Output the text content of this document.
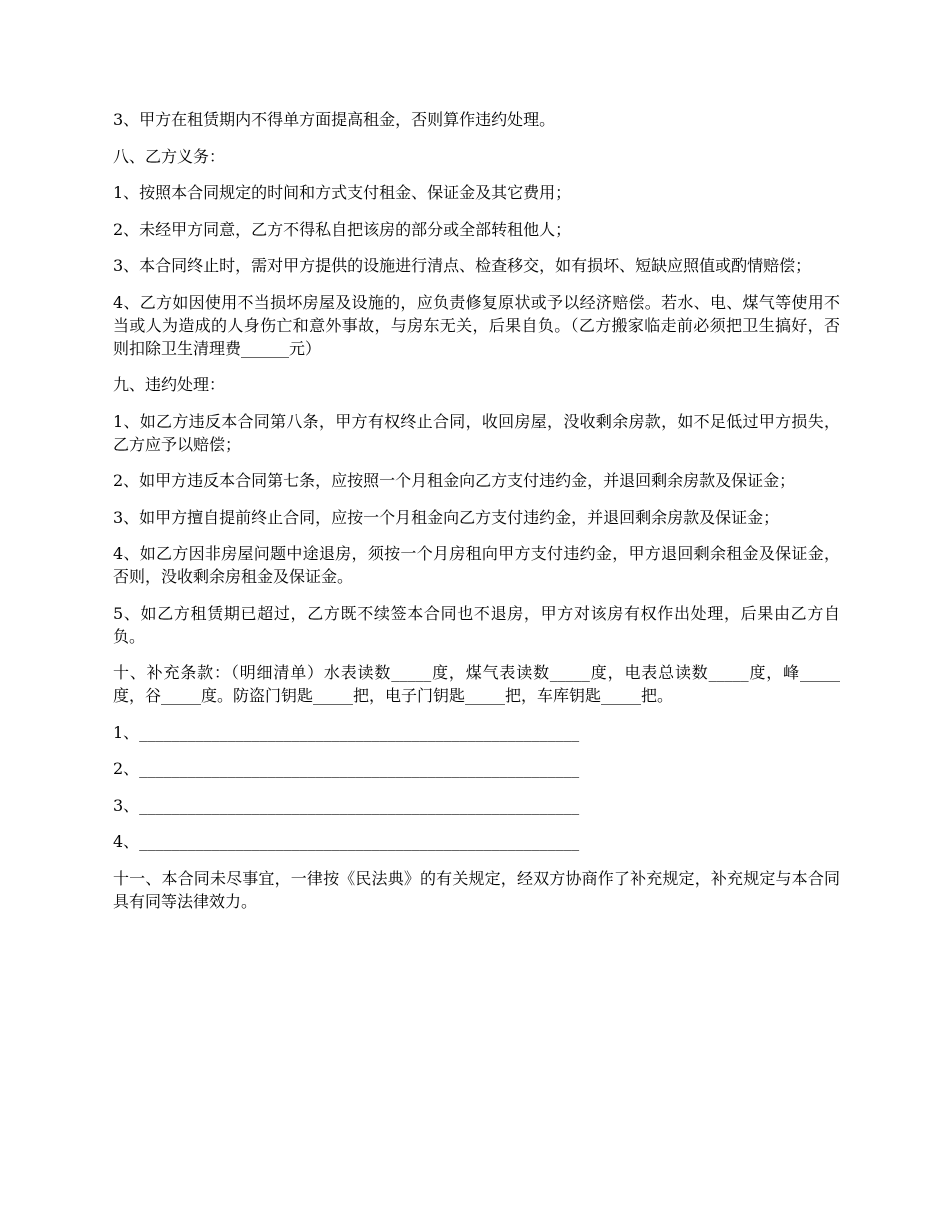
3、甲方在租赁期内不得单方面提高租金，否则算作违约处理。

八、乙方义务：

1、按照本合同规定的时间和方式支付租金、保证金及其它费用；

2、未经甲方同意，乙方不得私自把该房的部分或全部转租他人；

3、本合同终止时，需对甲方提供的设施进行清点、检查移交，如有损坏、短缺应照值或酌情赔偿；

4、乙方如因使用不当损坏房屋及设施的，应负责修复原状或予以经济赔偿。若水、电、煤气等使用不当或人为造成的人身伤亡和意外事故，与房东无关，后果自负。（乙方搬家临走前必须把卫生搞好，否则扣除卫生清理费______元）

九、违约处理：

1、如乙方违反本合同第八条，甲方有权终止合同，收回房屋，没收剩余房款，如不足低过甲方损失，乙方应予以赔偿；

2、如甲方违反本合同第七条，应按照一个月租金向乙方支付违约金，并退回剩余房款及保证金；

3、如甲方擅自提前终止合同，应按一个月租金向乙方支付违约金，并退回剩余房款及保证金；

4、如乙方因非房屋问题中途退房，须按一个月房租向甲方支付违约金，甲方退回剩余租金及保证金，否则，没收剩余房租金及保证金。

5、如乙方租赁期已超过，乙方既不续签本合同也不退房，甲方对该房有权作出处理，后果由乙方自负。

十、补充条款：（明细清单）水表读数_____度，煤气表读数_____度，电表总读数_____度，峰_____度，谷_____度。防盗门钥匙_____把，电子门钥匙_____把，车库钥匙_____把。

1、_______________________________________________________

2、_______________________________________________________

3、_______________________________________________________

4、_______________________________________________________

十一、本合同未尽事宜，一律按《民法典》的有关规定，经双方协商作了补充规定，补充规定与本合同具有同等法律效力。
